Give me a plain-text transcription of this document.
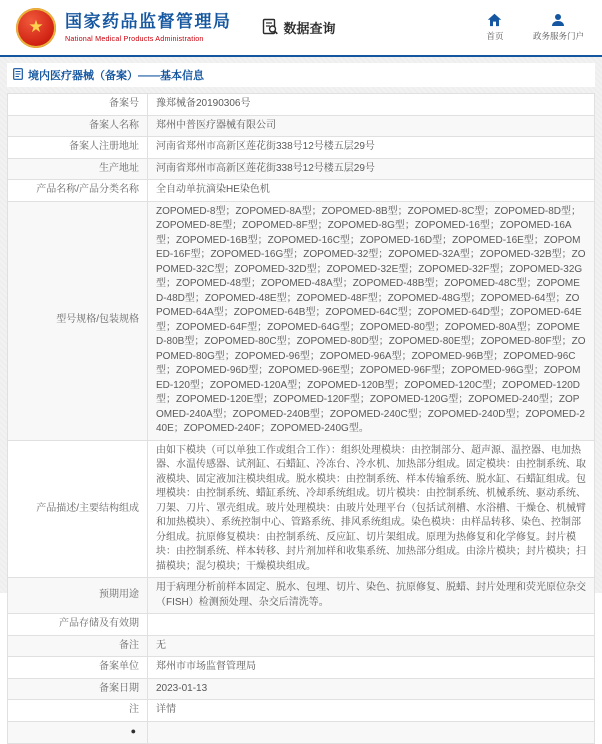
★ 国家药品监督管理局
National Medical Products Administration
数据查询	首页	政务服务门户
境内医疗器械（备案）——基本信息
备案号	豫郑械备20190306号
备案人名称	郑州中普医疗器械有限公司
备案人注册地址	河南省郑州市高新区莲花街338号12号楼五层29号
生产地址	河南省郑州市高新区莲花街338号12号楼五层29号
产品名称/产品分类名称	全自动单抗滴染HE染色机
型号规格/包装规格	ZOPOMED-8型；ZOPOMED-8A型；ZOPOMED-8B型；ZOPOMED-8C型；ZOPOMED-8D型；ZOPOMED-8E型；ZOPOMED-8F型；ZOPOMED-8G型；ZOPOMED-16型；ZOPOMED-16A型；ZOPOMED-16B型；ZOPOMED-16C型；ZOPOMED-16D型；ZOPOMED-16E型；ZOPOMED-16F型；ZOPOMED-16G型；ZOPOMED-32型；ZOPOMED-32A型；ZOPOMED-32B型；ZOPOMED-32C型；ZOPOMED-32D型；ZOPOMED-32E型；ZOPOMED-32F型；ZOPOMED-32G型；ZOPOMED-48型；ZOPOMED-48A型；ZOPOMED-48B型；ZOPOMED-48C型；ZOPOMED-48D型；ZOPOMED-48E型；ZOPOMED-48F型；ZOPOMED-48G型；ZOPOMED-64型；ZOPOMED-64A型；ZOPOMED-64B型；ZOPOMED-64C型；ZOPOMED-64D型；ZOPOMED-64E型；ZOPOMED-64F型；ZOPOMED-64G型；ZOPOMED-80型；ZOPOMED-80A型；ZOPOMED-80B型；ZOPOMED-80C型；ZOPOMED-80D型；ZOPOMED-80E型；ZOPOMED-80F型；ZOPOMED-80G型；ZOPOMED-96型；ZOPOMED-96A型；ZOPOMED-96B型；ZOPOMED-96C型；ZOPOMED-96D型；ZOPOMED-96E型；ZOPOMED-96F型；ZOPOMED-96G型；ZOPOMED-120型；ZOPOMED-120A型；ZOPOMED-120B型；ZOPOMED-120C型；ZOPOMED-120D型；ZOPOMED-120E型；ZOPOMED-120F型；ZOPOMED-120G型；ZOPOMED-240型；ZOPOMED-240A型；ZOPOMED-240B型；ZOPOMED-240C型；ZOPOMED-240D型；ZOPOMED-240E；ZOPOMED-240F；ZOPOMED-240G型。
产品描述/主要结构组成	由如下模块（可以单独工作或组合工作）：组织处理模块：由控制部分、超声源、温控器、电加热器、水温传感器、试剂缸、石蜡缸、冷冻台、冷水机、加热部分组成。固定模块：由控制系统、取液模块、固定液加注模块组成。脱水模块：由控制系统、样本传输系统、脱水缸、石蜡缸组成。包埋模块：由控制系统、蜡缸系统、冷却系统组成。切片模块：由控制系统、机械系统、驱动系统、刀架、刀片、罩壳组成。玻片处理模块：由玻片处理平台（包括试剂槽、水浴槽、干燥仓、机械臂和加热模块）、系统控制中心、管路系统、排风系统组成。染色模块：由样品转移、染色、控制部分组成。抗原修复模块：由控制系统、反应缸、切片架组成。原理为热修复和化学修复。封片模块：由控制系统、样本转移、封片剂加样和收集系统、加热部分组成。由涂片模块；封片模块；扫描模块；混匀模块；干燥模块组成。
预期用途	用于病理分析前样本固定、脱水、包埋、切片、染色、抗原修复、脱蜡、封片处理和荧光原位杂交（FISH）检测预处理、杂交后清洗等。
产品存储及有效期	
备注	无
备案单位	郑州市市场监督管理局
备案日期	2023-01-13
注	详情
●	
